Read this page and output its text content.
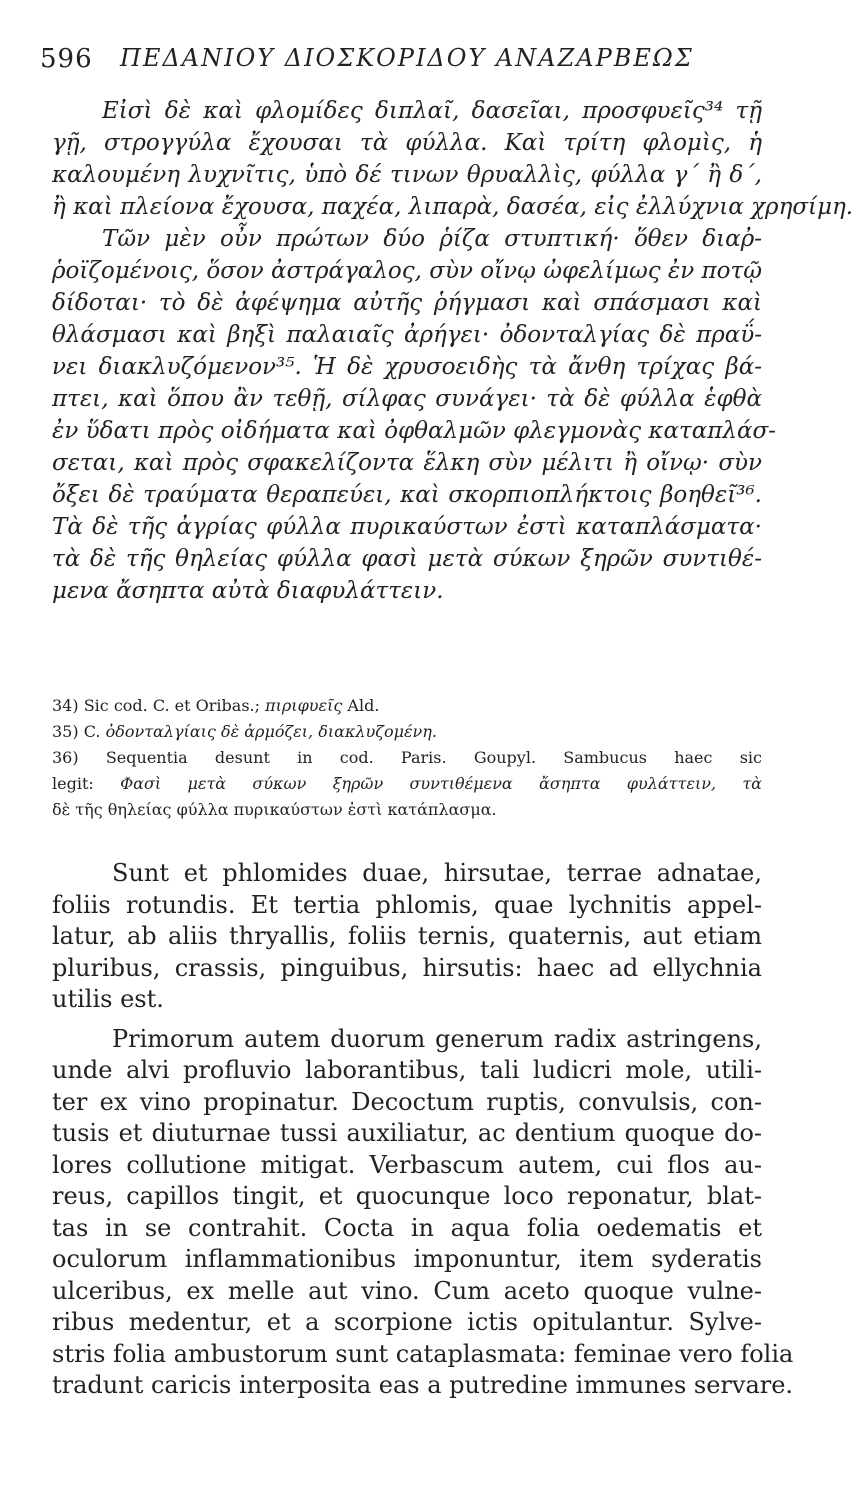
596 ΠΕΔΑΝΙΟΥ ΔΙΟΣΚΟΡΙΔΟΥ ΑΝΑΖΑΡΒΕΩΣ
Εἰσὶ δὲ καὶ φλομίδες διπλαῖ, δασεῖαι, προσφυεῖς³⁴ τῇ
γῇ, στρογγύλα ἔχουσαι τὰ φύλλα. Καὶ τρίτη φλομὶς, ἡ
καλουμένη λυχνῖτις, ὑπὸ δέ τινων θρυαλλὶς, φύλλα γ΄ ἢ δ΄,
ἢ καὶ πλείονα ἔχουσα, παχέα, λιπαρὰ, δασέα, εἰς ἐλλύχνια χρησίμη.
Τῶν μὲν οὖν πρώτων δύο ῥίζα στυπτική· ὅθεν διαῤ-
ῥοϊζομένοις, ὅσον ἀστράγαλος, σὺν οἴνῳ ὠφελίμως ἐν ποτῷ
δίδοται· τὸ δὲ ἀφέψημα αὐτῆς ῥήγμασι καὶ σπάσμασι καὶ
θλάσμασι καὶ βηξὶ παλαιαῖς ἀρήγει· ὀδονταλγίας δὲ πραΰ-
νει διακλυζόμενον³⁵. Ἡ δὲ χρυσοειδὴς τὰ ἄνθη τρίχας βά-
πτει, καὶ ὅπου ἂν τεθῇ, σίλφας συνάγει· τὰ δὲ φύλλα ἑφθὰ
ἐν ὕδατι πρὸς οἰδήματα καὶ ὀφθαλμῶν φλεγμονὰς καταπλάσ-
σεται, καὶ πρὸς σφακελίζοντα ἕλκη σὺν μέλιτι ἢ οἴνῳ· σὺν
ὄξει δὲ τραύματα θεραπεύει, καὶ σκορπιοπλήκτοις βοηθεῖ³⁶.
Τὰ δὲ τῆς ἀγρίας φύλλα πυρικαύστων ἐστὶ καταπλάσματα·
τὰ δὲ τῆς θηλείας φύλλα φασὶ μετὰ σύκων ξηρῶν συντιθέ-
μενα ἄσηπτα αὐτὰ διαφυλάττειν.
34) Sic cod. C. et Oribas.; πιριφυεῖς Ald.
35) C. ὀδονταλγίαις δὲ ἁρμόζει, διακλυζομένη.
36) Sequentia desunt in cod. Paris. Goupyl. Sambucus haec sic
legit: Φασὶ μετὰ σύκων ξηρῶν συντιθέμενα ἄσηπτα φυλάττειν, τὰ
δὲ τῆς θηλείας φύλλα πυρικαύστων ἐστὶ κατάπλασμα.
Sunt et phlomides duae, hirsutae, terrae adnatae,
foliis rotundis. Et tertia phlomis, quae lychnitis appel-
latur, ab aliis thryallis, foliis ternis, quaternis, aut etiam
pluribus, crassis, pinguibus, hirsutis: haec ad ellychnia
utilis est.
Primorum autem duorum generum radix astringens,
unde alvi profluvio laborantibus, tali ludicri mole, utili-
ter ex vino propinatur. Decoctum ruptis, convulsis, con-
tusis et diuturnae tussi auxiliatur, ac dentium quoque do-
lores collutione mitigat. Verbascum autem, cui flos au-
reus, capillos tingit, et quocunque loco reponatur, blat-
tas in se contrahit. Cocta in aqua folia oedematis et
oculorum inflammationibus imponuntur, item syderatis
ulceribus, ex melle aut vino. Cum aceto quoque vulne-
ribus medentur, et a scorpione ictis opitulantur. Sylve-
stris folia ambustorum sunt cataplasmata: feminae vero folia
tradunt caricis interposita eas a putredine immunes servare.
